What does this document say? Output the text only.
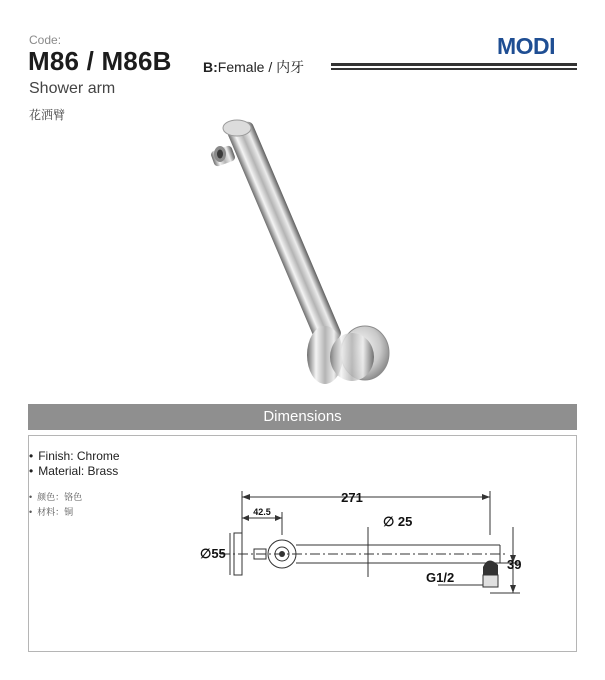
Code:
M86 / M86B B:Female / 内牙
MODI
Shower arm
花洒臂
Dimensions
• Finish: Chrome
• Material: Brass
• 颜色：铬色
• 材料：铜
271
42.5
∅ 25
∅55
G1/2
39
